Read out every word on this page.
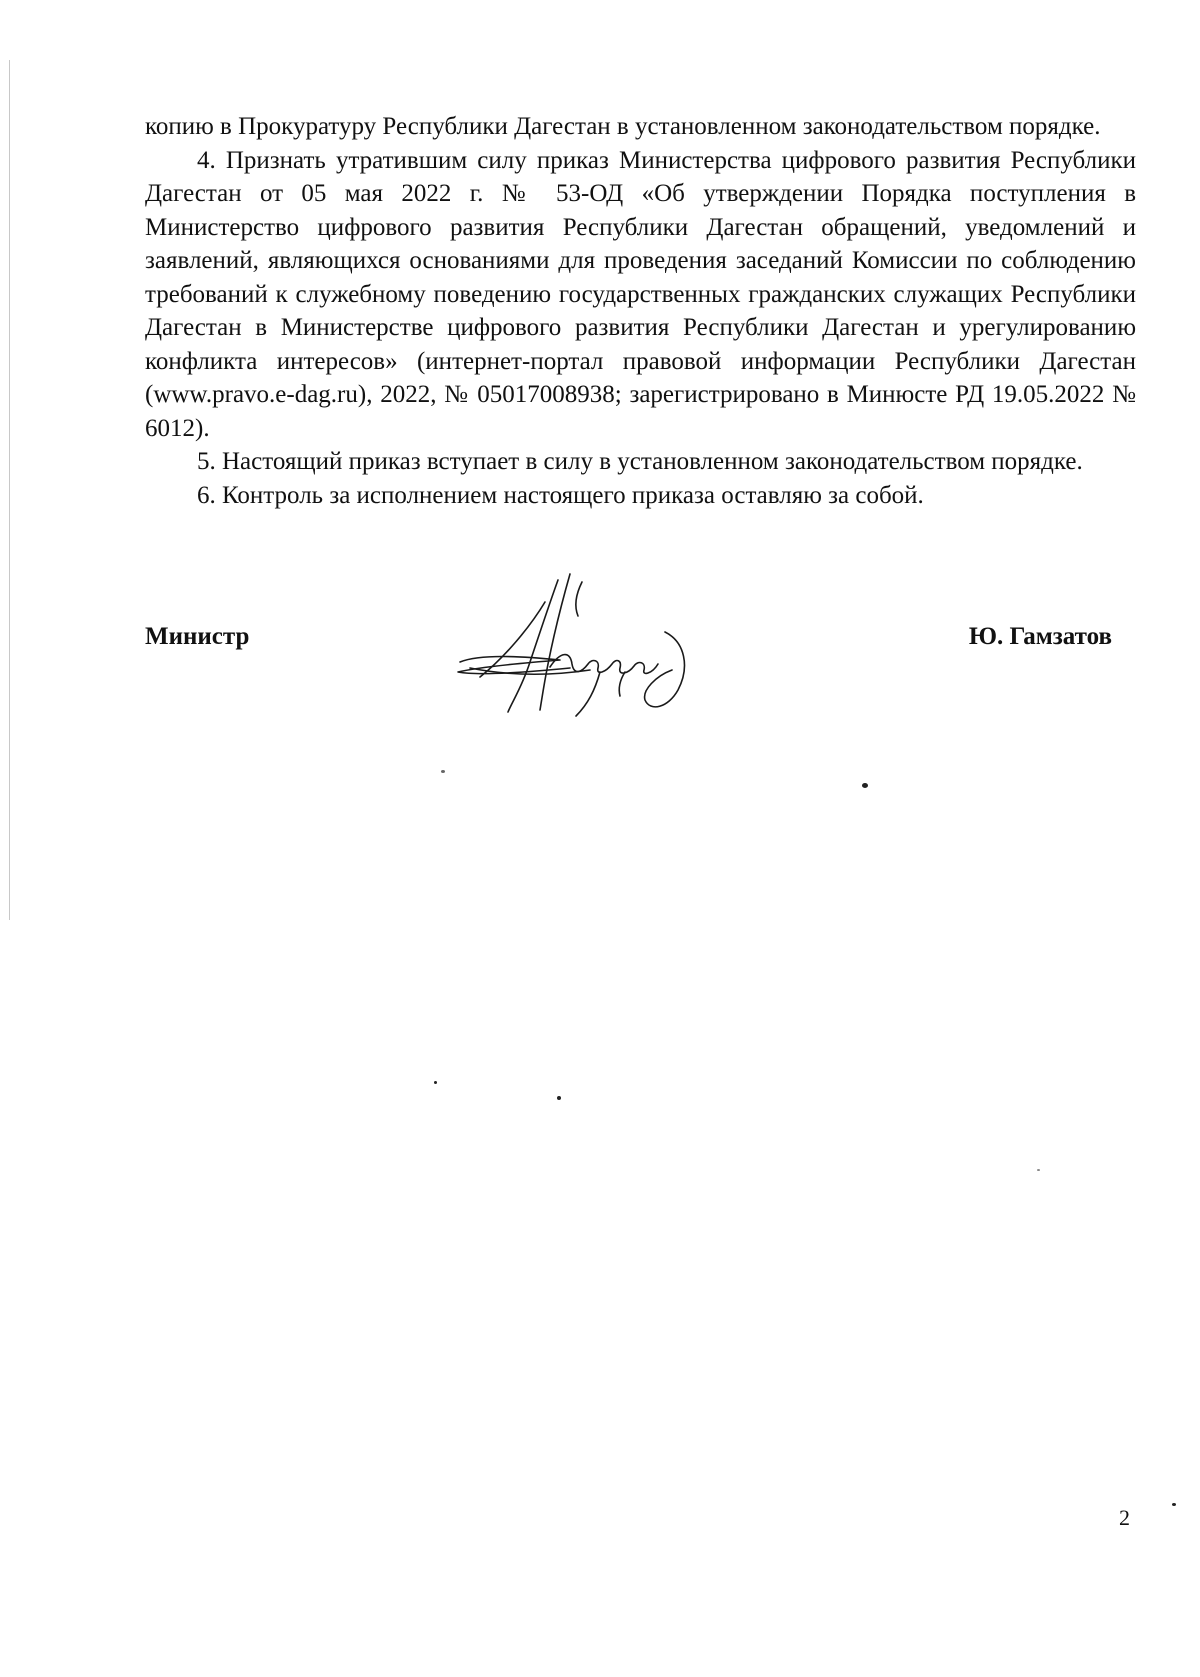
копию в Прокуратуру Республики Дагестан в установленном законодательством порядке.

4. Признать утратившим силу приказ Министерства цифрового развития Республики Дагестан от 05 мая 2022 г. № 53-ОД «Об утверждении Порядка поступления в Министерство цифрового развития Республики Дагестан обращений, уведомлений и заявлений, являющихся основаниями для проведения заседаний Комиссии по соблюдению требований к служебному поведению государственных гражданских служащих Республики Дагестан в Министерстве цифрового развития Республики Дагестан и урегулированию конфликта интересов» (интернет-портал правовой информации Республики Дагестан (www.pravo.e-dag.ru), 2022, № 05017008938; зарегистрировано в Минюсте РД 19.05.2022 № 6012).

5. Настоящий приказ вступает в силу в установленном законодательством порядке.

6. Контроль за исполнением настоящего приказа оставляю за собой.

Министр	Ю. Гамзатов
2
